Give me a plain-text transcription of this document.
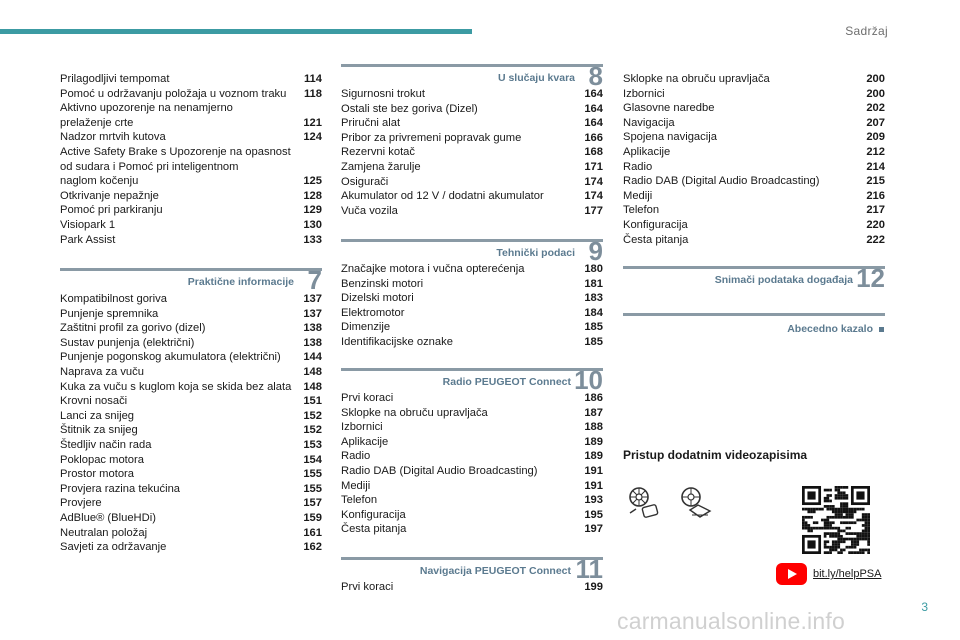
Sadržaj
Prilagodljivi tempomat	114
Pomoć u održavanju položaja u voznom traku	118
Aktivno upozorenje na nenamjerno
prelaženje crte	121
Nadzor mrtvih kutova	124
Active Safety Brake s Upozorenje na opasnost
od sudara i Pomoć pri inteligentnom
naglom kočenju	125
Otkrivanje nepažnje	128
Pomoć pri parkiranju	129
Visiopark 1	130
Park Assist	133
Praktične informacije 7
Kompatibilnost goriva	137
Punjenje spremnika	137
Zaštitni profil za gorivo (dizel)	138
Sustav punjenja (električni)	138
Punjenje pogonskog akumulatora (električni)	144
Naprava za vuču	148
Kuka za vuču s kuglom koja se skida bez alata	148
Krovni nosači	151
Lanci za snijeg	152
Štitnik za snijeg	152
Štedljiv način rada	153
Poklopac motora	154
Prostor motora	155
Provjera razina tekućina	155
Provjere	157
AdBlue® (BlueHDi)	159
Neutralan položaj	161
Savjeti za održavanje	162
U slučaju kvara 8
Sigurnosni trokut	164
Ostali ste bez goriva (Dizel)	164
Priručni alat	164
Pribor za privremeni popravak gume	166
Rezervni kotač	168
Zamjena žarulje	171
Osigurači	174
Akumulator od 12 V / dodatni akumulator	174
Vuča vozila	177
Tehnički podaci 9
Značajke motora i vučna opterećenja	180
Benzinski motori	181
Dizelski motori	183
Elektromotor	184
Dimenzije	185
Identifikacijske oznake	185
Radio PEUGEOT Connect 10
Prvi koraci	186
Sklopke na obruču upravljača	187
Izbornici	188
Aplikacije	189
Radio	189
Radio DAB (Digital Audio Broadcasting)	191
Mediji	191
Telefon	193
Konfiguracija	195
Česta pitanja	197
Navigacija PEUGEOT Connect 11
Prvi koraci	199
Sklopke na obruču upravljača	200
Izbornici	200
Glasovne naredbe	202
Navigacija	207
Spojena navigacija	209
Aplikacije	212
Radio	214
Radio DAB (Digital Audio Broadcasting)	215
Mediji	216
Telefon	217
Konfiguracija	220
Česta pitanja	222
Snimači podataka događaja 12
Abecedno kazalo
Pristup dodatnim videozapisima
bit.ly/helpPSA
3
carmanualsonline.info
